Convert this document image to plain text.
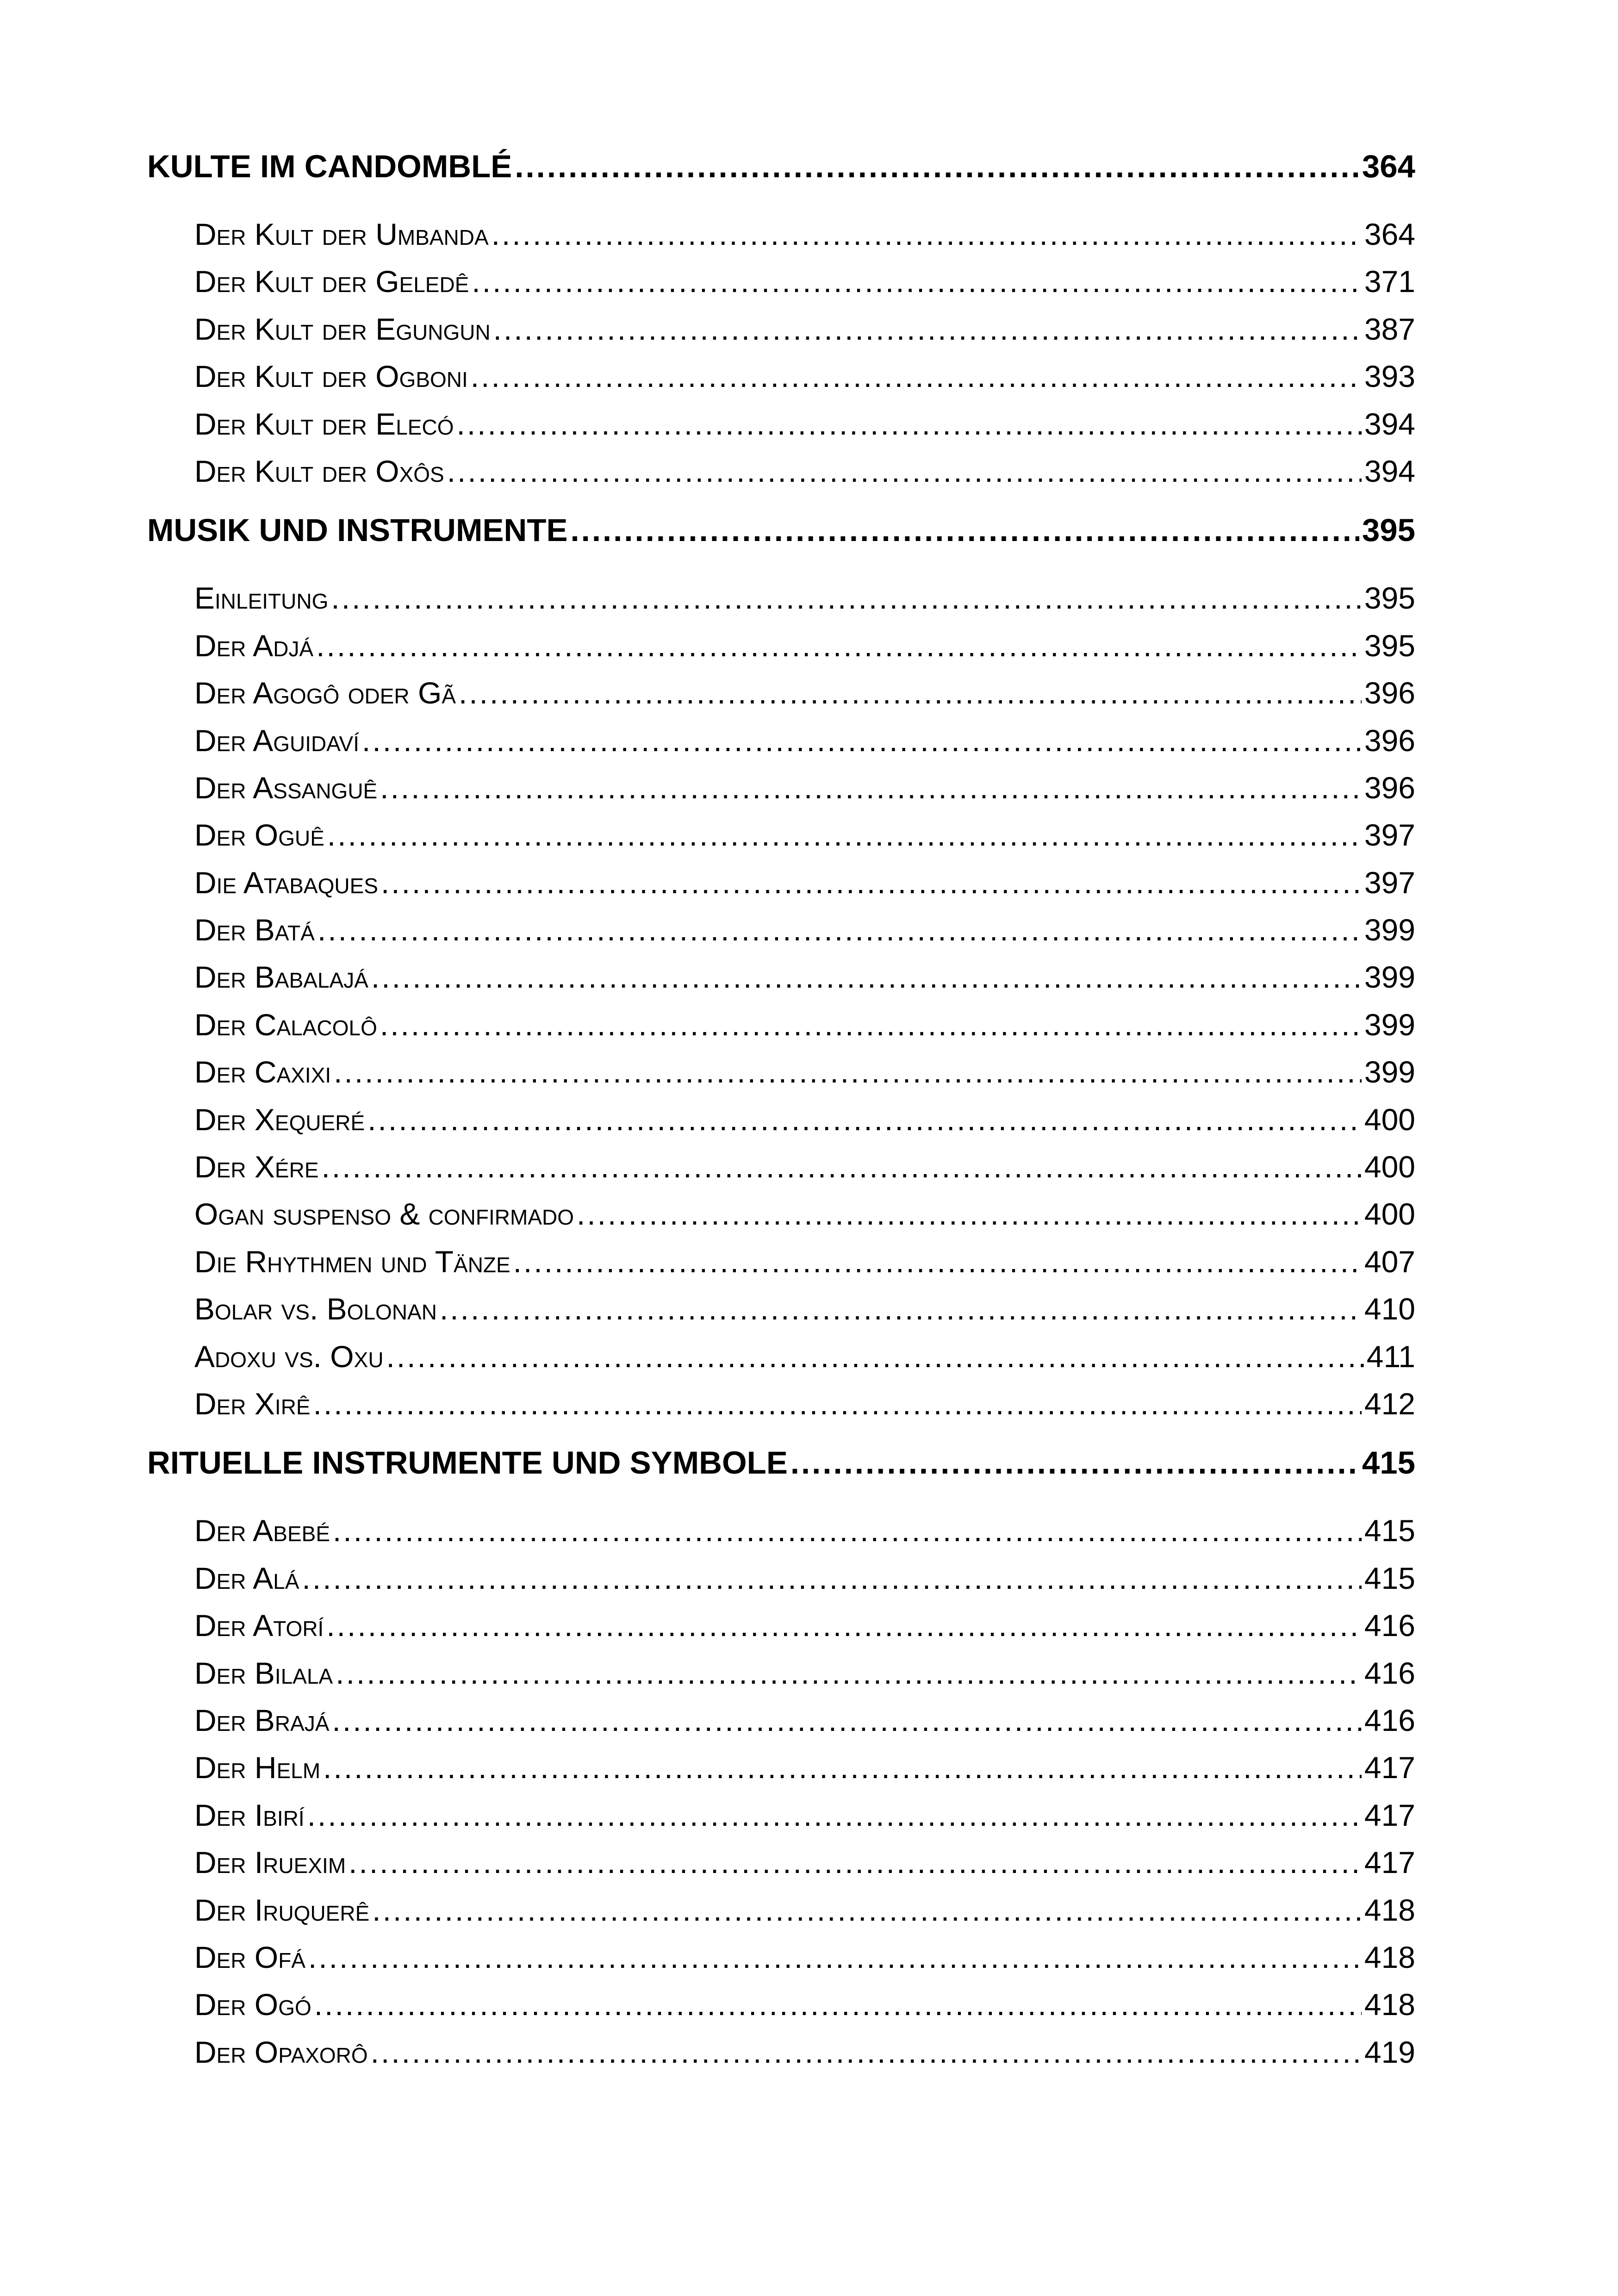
KULTE IM CANDOMBLÉ .....	364
Der Kult der Umbanda .....	364
Der Kult der Geledê .....	371
Der Kult der Egungun .....	387
Der Kult der Ogboni .....	393
Der Kult der Elecó .....	394
Der Kult der Oxôs .....	394
MUSIK UND INSTRUMENTE .....	395
Einleitung .....	395
Der Adjá .....	395
Der Agogô oder Gã .....	396
Der Aguidaví .....	396
Der Assanguê .....	396
Der Oguê .....	397
Die Atabaques .....	397
Der Batá .....	399
Der Babalajá .....	399
Der Calacolô .....	399
Der Caxixi .....	399
Der Xequeré .....	400
Der Xére .....	400
Ogan suspenso & confirmado .....	400
Die Rhythmen und Tänze .....	407
Bolar vs. Bolonan .....	410
Adoxu vs. Oxu .....	411
Der Xirê .....	412
RITUELLE INSTRUMENTE UND SYMBOLE .....	415
Der Abebé .....	415
Der Alá .....	415
Der Atorí .....	416
Der Bilala .....	416
Der Brajá .....	416
Der Helm .....	417
Der Ibirí .....	417
Der Iruexim .....	417
Der Iruquerê .....	418
Der Ofá .....	418
Der Ogó .....	418
Der Opaxorô .....	419
